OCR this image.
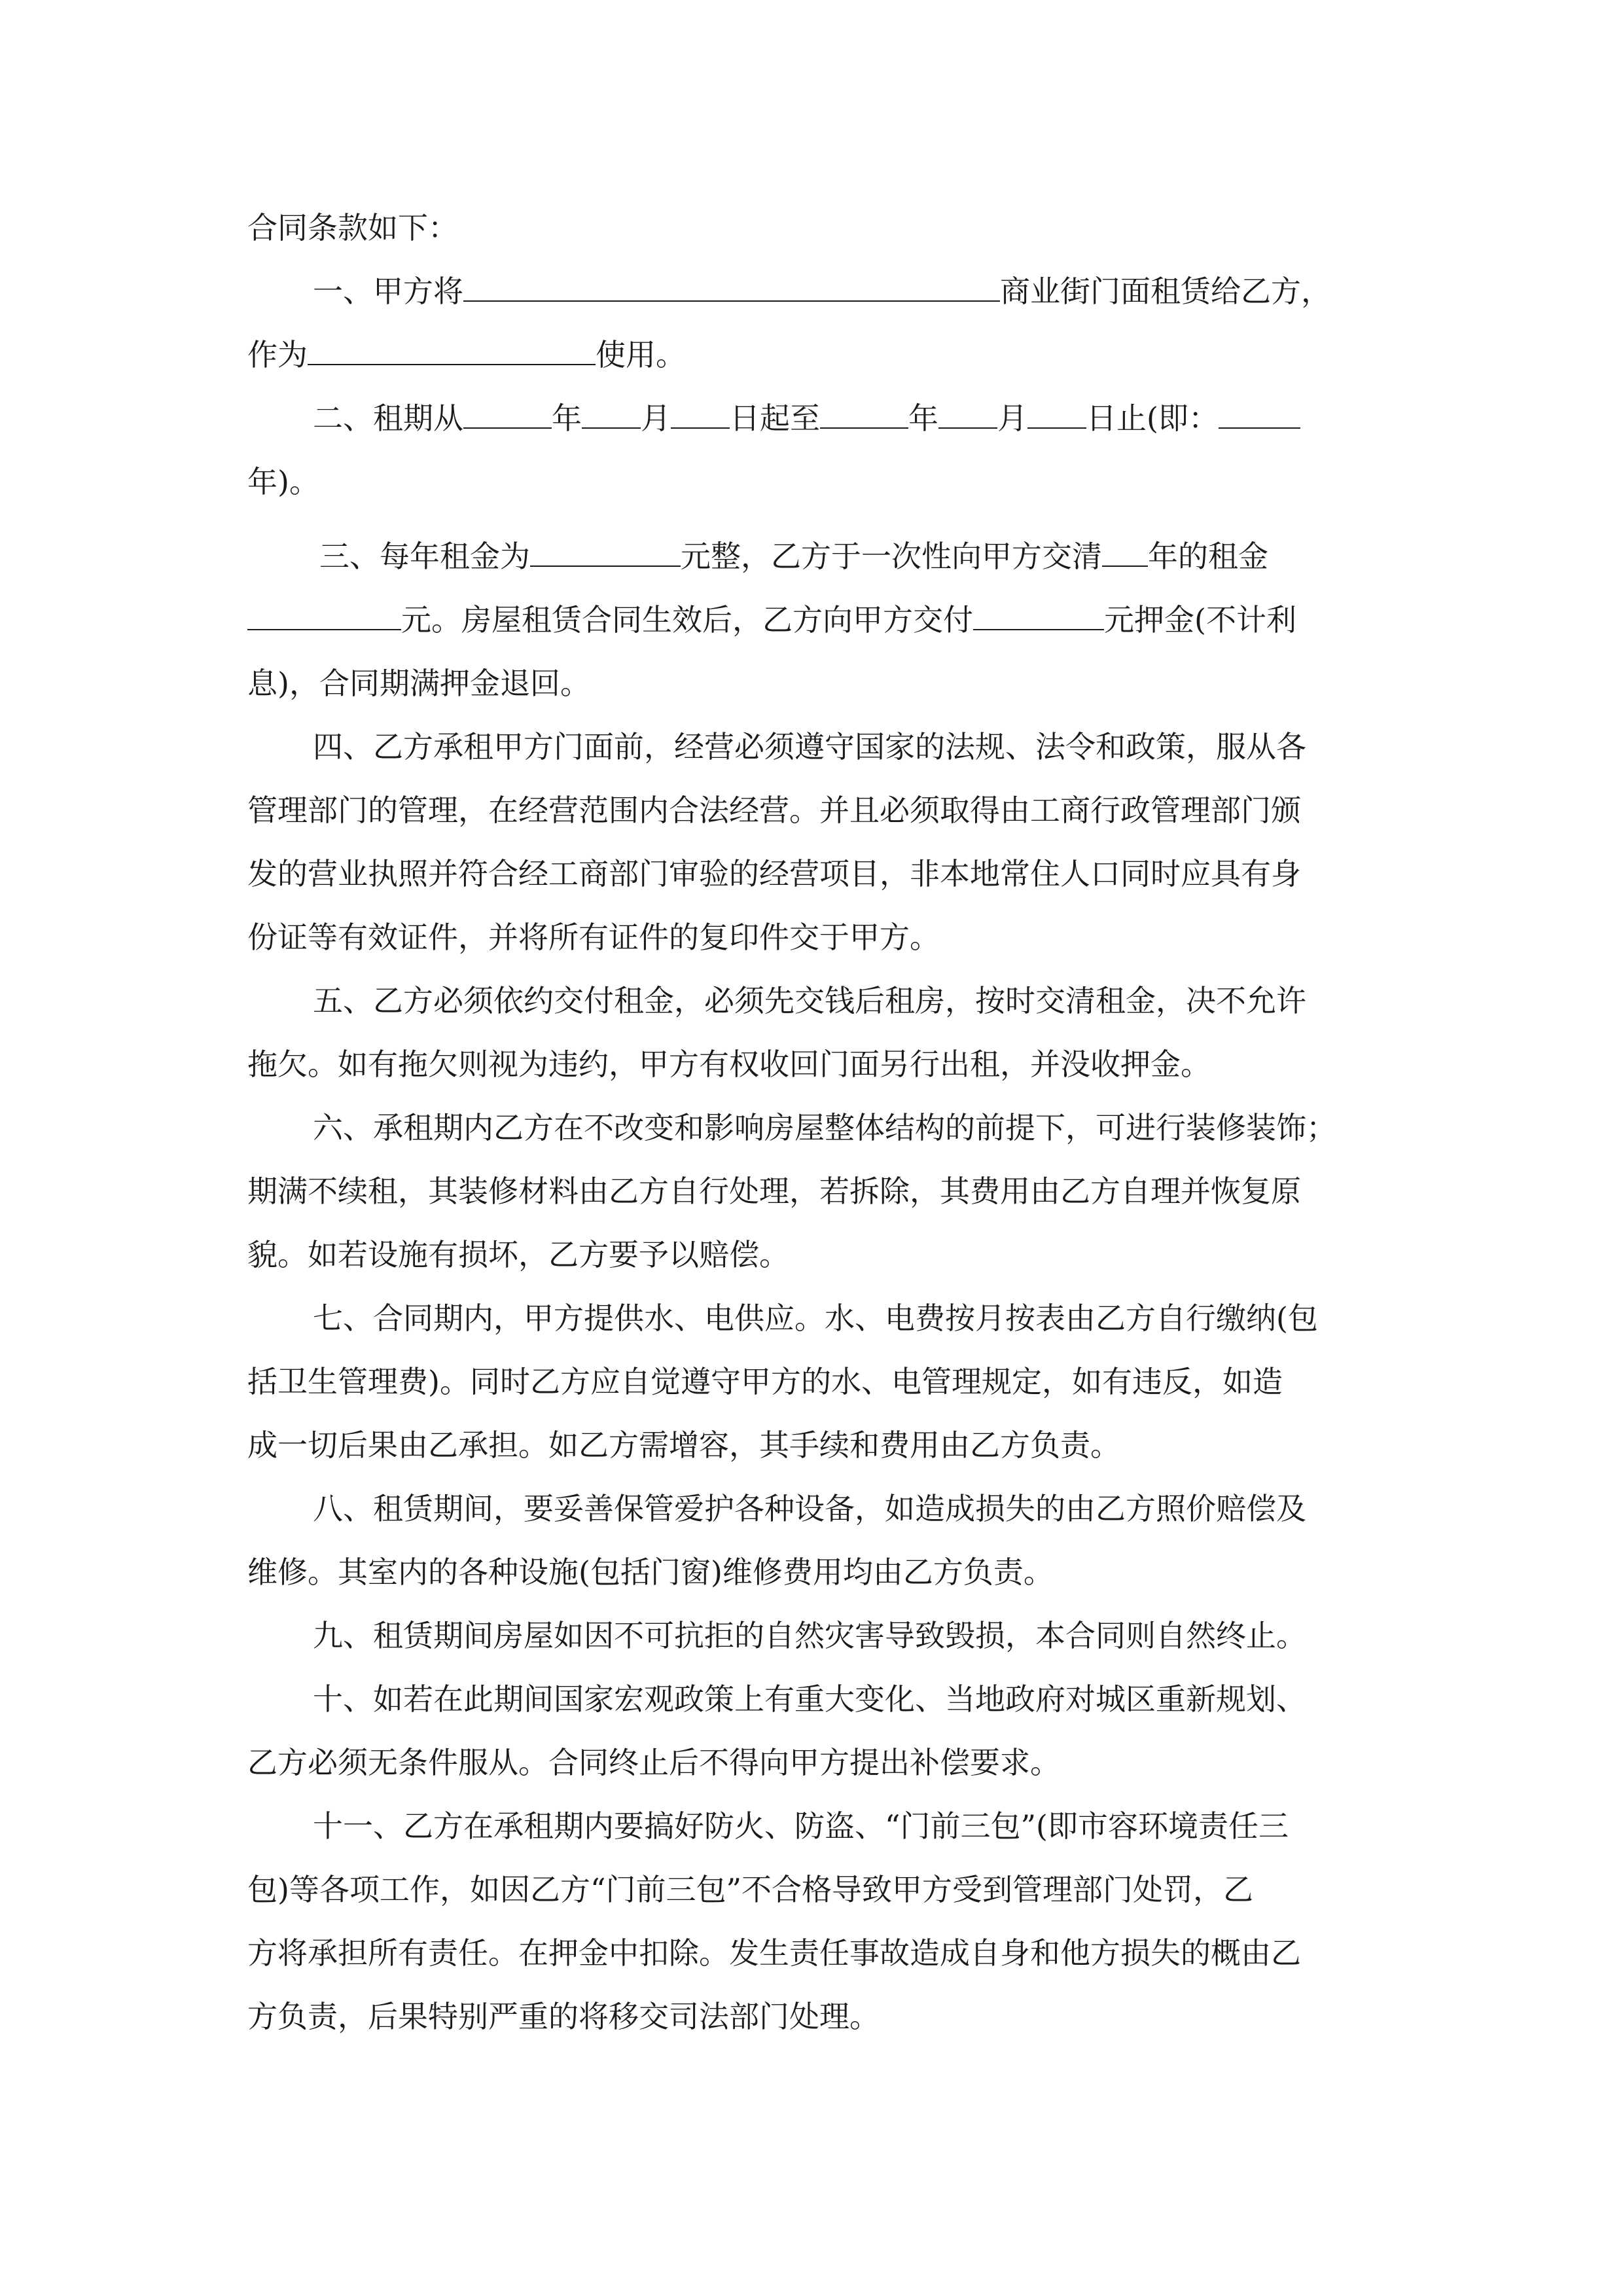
合同条款如下：
一、甲方将	商业街门面租赁给乙方，
作为	使用。
二、租期从	年 月 日起至	年 月 日止(即：
年)。
三、每年租金为	元整，乙方于一次性向甲方交清 年的租金
元。房屋租赁合同生效后，乙方向甲方交付	元押金(不计利
息)，合同期满押金退回。
四、乙方承租甲方门面前，经营必须遵守国家的法规、法令和政策，服从各
管理部门的管理，在经营范围内合法经营。并且必须取得由工商行政管理部门颁
发的营业执照并符合经工商部门审验的经营项目，非本地常住人口同时应具有身
份证等有效证件，并将所有证件的复印件交于甲方。
五、乙方必须依约交付租金，必须先交钱后租房，按时交清租金，决不允许
拖欠。如有拖欠则视为违约，甲方有权收回门面另行出租，并没收押金。
六、承租期内乙方在不改变和影响房屋整体结构的前提下，可进行装修装饰；
期满不续租，其装修材料由乙方自行处理，若拆除，其费用由乙方自理并恢复原
貌。如若设施有损坏，乙方要予以赔偿。
七、合同期内，甲方提供水、电供应。水、电费按月按表由乙方自行缴纳(包
括卫生管理费)。同时乙方应自觉遵守甲方的水、电管理规定，如有违反，如造
成一切后果由乙承担。如乙方需增容，其手续和费用由乙方负责。
八、租赁期间，要妥善保管爱护各种设备，如造成损失的由乙方照价赔偿及
维修。其室内的各种设施(包括门窗)维修费用均由乙方负责。
九、租赁期间房屋如因不可抗拒的自然灾害导致毁损，本合同则自然终止。
十、如若在此期间国家宏观政策上有重大变化、当地政府对城区重新规划、
乙方必须无条件服从。合同终止后不得向甲方提出补偿要求。
十一、乙方在承租期内要搞好防火、防盗、“门前三包”(即市容环境责任三
包)等各项工作，如因乙方“门前三包”不合格导致甲方受到管理部门处罚，乙
方将承担所有责任。在押金中扣除。发生责任事故造成自身和他方损失的概由乙
方负责，后果特别严重的将移交司法部门处理。
